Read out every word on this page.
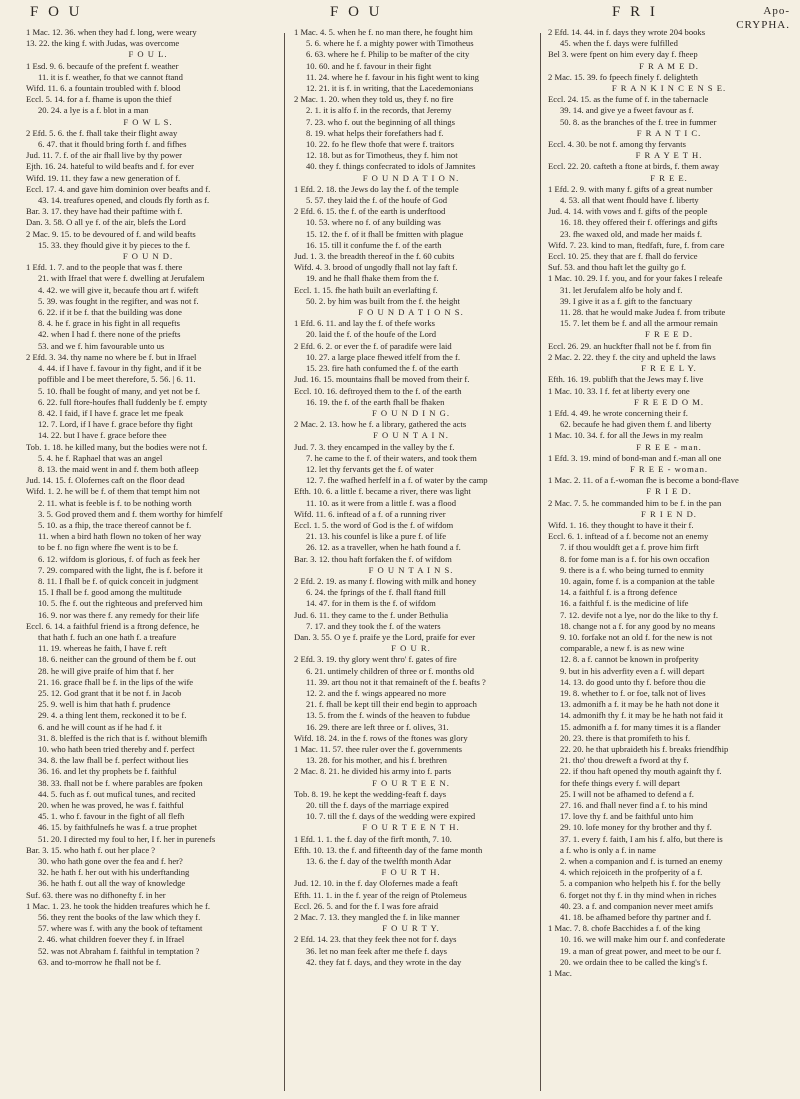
F O U	F O U	F R I	Apo-
CRYPHA.
1 Mac. 12. 36. when they had f. long, were weary
13. 22. the king f. with Judas, was overcome
F O U L.
1 Esd. 9. 6. becaufe of the prefent f. weather
11. it is f. weather, fo that we cannot ftand
Wifd. 11. 6. a fountain troubled with f. blood
Eccl. 5. 14. for a f. fhame is upon the thief
20. 24. a lye is a f. blot in a man
F O W L S.
2 Efd. 5. 6. the f. fhall take their flight away
6. 47. that it fhould bring forth f. and fifhes
Jud. 11. 7. f. of the air fhall live by thy power
Ejth. 16. 24. hateful to wild beafts and f. for ever
Wifd. 19. 11. they faw a new generation of f.
Eccl. 17. 4. and gave him dominion over beafts and f.
43. 14. treafures opened, and clouds fly forth as f.
Bar. 3. 17. they have had their paftime with f.
Dan. 3. 58. O all ye f. of the air, blefs the Lord
2 Mac. 9. 15. to be devoured of f. and wild beafts
15. 33. they fhould give it by pieces to the f.
F O U N D.
1 Efd. 1. 7. and to the people that was f. there
21. with Ifrael that were f. dwelling at Jerufalem
4. 42. we will give it, becaufe thou art f. wifeft
5. 39. was fought in the regifter, and was not f.
6. 22. if it be f. that the building was done
8. 4. he f. grace in his fight in all requefts
42. when I had f. there none of the priefts
53. and we f. him favourable unto us
2 Efd. 3. 34. thy name no where be f. but in Ifrael
4. 44. if I have f. favour in thy fight, and if it be
poffible and I be meet therefore, 5. 56. | 6. 11.
5. 10. fhall be fought of many, and yet not be f.
6. 22. full ftore-houfes fhall fuddenly be f. empty
8. 42. I faid, if I have f. grace let me fpeak
12. 7. Lord, if I have f. grace before thy fight
14. 22. but I have f. grace before thee
Tob. 1. 18. he killed many, but the bodies were not f.
5. 4. he f. Raphael that was an angel
8. 13. the maid went in and f. them both afleep
Jud. 14. 15. f. Olofernes caft on the floor dead
Wifd. 1. 2. he will be f. of them that tempt him not
2. 11. what is feeble is f. to be nothing worth
3. 5. God proved them and f. them worthy for himfelf
5. 10. as a fhip, the trace thereof cannot be f.
11. when a bird hath flown no token of her way
to be f. no fign where fhe went is to be f.
6. 12. wifdom is glorious, f. of fuch as feek her
7. 29. compared with the light, fhe is f. before it
8. 11. I fhall be f. of quick conceit in judgment
15. I fhall be f. good among the multitude
10. 5. fhe f. out the righteous and preferved him
16. 9. nor was there f. any remedy for their life
Eccl. 6. 14. a faithful friend is a ftrong defence, he
that hath f. fuch an one hath f. a treafure
11. 19. whereas he faith, I have f. reft
18. 6. neither can the ground of them be f. out
28. he will give praife of him that f. her
21. 16. grace fhall be f. in the lips of the wife
25. 12. God grant that it be not f. in Jacob
25. 9. well is him that hath f. prudence
29. 4. a thing lent them, reckoned it to be f.
6. and he will count as if he had f. it
31. 8. bleffed is the rich that is f. without blemifh
10. who hath been tried thereby and f. perfect
34. 8. the law fhall be f. perfect without lies
36. 16. and let thy prophets be f. faithful
38. 33. fhall not be f. where parables are fpoken
44. 5. fuch as f. out mufical tunes, and recited
20. when he was proved, he was f. faithful
45. 1. who f. favour in the fight of all flefh
46. 15. by faithfulnefs he was f. a true prophet
51. 20. I directed my foul to her, I f. her in purenefs
Bar. 3. 15. who hath f. out her place ?
30. who hath gone over the fea and f. her?
32. he hath f. her out with his underftanding
36. he hath f. out all the way of knowledge
Suf. 63. there was no difhonefty f. in her
1 Mac. 1. 23. he took the hidden treafures which he f.
56. they rent the books of the law which they f.
57. where was f. with any the book of teftament
2. 46. what children foever they f. in Ifrael
52. was not Abraham f. faithful in temptation ?
63. and to-morrow he fhall not be f.
1 Mac. 4. 5. when he f. no man there, he fought him
5. 6. where he f. a mighty power with Timotheus
6. 63. where he f. Philip to be mafter of the city
10. 60. and he f. favour in their fight
11. 24. where he f. favour in his fight went to king
12. 21. it is f. in writing, that the Lacedemonians
2 Mac. 1. 20. when they told us, they f. no fire
2. 1. it is alfo f. in the records, that Jeremy
7. 23. who f. out the beginning of all things
8. 19. what helps their forefathers had f.
10. 22. fo he flew thofe that were f. traitors
12. 18. but as for Timotheus, they f. him not
40. they f. things confecrated to idols of Jamnites
F O U N D A T I O N.
1 Efd. 2. 18. the Jews do lay the f. of the temple
5. 57. they laid the f. of the houfe of God
2 Efd. 6. 15. the f. of the earth is underftood
10. 53. where no f. of any building was
15. 12. the f. of it fhall be fmitten with plague
16. 15. till it confume the f. of the earth
Jud. 1. 3. the breadth thereof in the f. 60 cubits
Wifd. 4. 3. brood of ungodly fhall not lay faft f.
19. and he fhall fhake them from the f.
Eccl. 1. 15. fhe hath built an everlafting f.
50. 2. by him was built from the f. the height
F O U N D A T I O N S.
1 Efd. 6. 11. and lay the f. of thefe works
20. laid the f. of the houfe of the Lord
2 Efd. 6. 2. or ever the f. of paradife were laid
10. 27. a large place fhewed itfelf from the f.
15. 23. fire hath confumed the f. of the earth
Jud. 16. 15. mountains fhall be moved from their f.
Eccl. 10. 16. deftroyed them to the f. of the earth
16. 19. the f. of the earth fhall be fhaken
F O U N D I N G.
2 Mac. 2. 13. how he f. a library, gathered the acts
F O U N T A I N.
Jud. 7. 3. they encamped in the valley by the f.
7. he came to the f. of their waters, and took them
12. let thy fervants get the f. of water
12. 7. fhe wafhed herfelf in a f. of water by the camp
Efth. 10. 6. a little f. became a river, there was light
11. 10. as it were from a little f. was a flood
Wifd. 11. 6. inftead of a f. of a running river
Eccl. 1. 5. the word of God is the f. of wifdom
21. 13. his counfel is like a pure f. of life
26. 12. as a traveller, when he hath found a f.
Bar. 3. 12. thou haft forfaken the f. of wifdom
F O U N T A I N S.
2 Efd. 2. 19. as many f. flowing with milk and honey
6. 24. the fprings of the f. fhall ftand ftill
14. 47. for in them is the f. of wifdom
Jud. 6. 11. they came to the f. under Bethulia
7. 17. and they took the f. of the waters
Dan. 3. 55. O ye f. praife ye the Lord, praife for ever
F O U R.
2 Efd. 3. 19. thy glory went thro' f. gates of fire
6. 21. untimely children of three or f. months old
11. 39. art thou not it that remaineft of the f. beafts ?
12. 2. and the f. wings appeared no more
21. f. fhall be kept till their end begin to approach
13. 5. from the f. winds of the heaven to fubdue
16. 29. there are left three or f. olives, 31.
Wifd. 18. 24. in the f. rows of the ftones was glory
1 Mac. 11. 57. thee ruler over the f. governments
13. 28. for his mother, and his f. brethren
2 Mac. 8. 21. he divided his army into f. parts
F O U R T E E N.
Tob. 8. 19. he kept the wedding-feaft f. days
20. till the f. days of the marriage expired
10. 7. till the f. days of the wedding were expired
F O U R T E E N T H.
1 Efd. 1. 1. the f. day of the firft month, 7. 10.
Efth. 10. 13. the f. and fifteenth day of the fame month
13. 6. the f. day of the twelfth month Adar
F O U R T H.
Jud. 12. 10. in the f. day Olofernes made a feaft
Efth. 11. 1. in the f. year of the reign of Ptolemeus
Eccl. 26. 5. and for the f. I was fore afraid
2 Mac. 7. 13. they mangled the f. in like manner
F O U R T Y.
2 Efd. 14. 23. that they feek thee not for f. days
36. let no man feek after me thefe f. days
42. they fat f. days, and they wrote in the day
2 Efd. 14. 44. in f. days they wrote 204 books
45. when the f. days were fulfilled
Bel 3. were fpent on him every day f. fheep
F R A M E D.
2 Mac. 15. 39. fo fpeech finely f. delighteth
F R A N K I N C E N S E.
Eccl. 24. 15. as the fume of f. in the tabernacle
39. 14. and give ye a fweet favour as f.
50. 8. as the branches of the f. tree in fummer
F R A N T I C.
Eccl. 4. 30. be not f. among thy fervants
F R A Y E T H.
Eccl. 22. 20. cafteth a ftone at birds, f. them away
F R E E.
1 Efd. 2. 9. with many f. gifts of a great number
4. 53. all that went fhould have f. liberty
Jud. 4. 14. with vows and f. gifts of the people
16. 18. they offered their f. offerings and gifts
23. fhe waxed old, and made her maids f.
Wifd. 7. 23. kind to man, ftedfaft, fure, f. from care
Eccl. 10. 25. they that are f. fhall do fervice
Suf. 53. and thou haft let the guilty go f.
1 Mac. 10. 29. I f. you, and for your fakes I releafe
31. let Jerufalem alfo be holy and f.
39. I give it as a f. gift to the fanctuary
11. 28. that he would make Judea f. from tribute
15. 7. let them be f. and all the armour remain
F R E E D.
Eccl. 26. 29. an huckfter fhall not be f. from fin
2 Mac. 2. 22. they f. the city and upheld the laws
F R E E L Y.
Efth. 16. 19. publifh that the Jews may f. live
1 Mac. 10. 33. I f. fet at liberty every one
F R E E D O M.
1 Efd. 4. 49. he wrote concerning their f.
62. becaufe he had given them f. and liberty
1 Mac. 10. 34. f. for all the Jews in my realm
F R E E - man.
1 Efd. 3. 19. mind of bond-man and f.-man all one
F R E E - woman.
1 Mac. 2. 11. of a f.-woman fhe is become a bond-flave
F R I E D.
2 Mac. 7. 5. he commanded him to be f. in the pan
F R I E N D.
Wifd. 1. 16. they thought to have it their f.
Eccl. 6. 1. inftead of a f. become not an enemy
7. if thou wouldft get a f. prove him firft
8. for fome man is a f. for his own occafion
9. there is a f. who being turned to enmity
10. again, fome f. is a companion at the table
14. a faithful f. is a ftrong defence
16. a faithful f. is the medicine of life
7. 12. devife not a lye, nor do the like to thy f.
18. change not a f. for any good by no means
9. 10. forfake not an old f. for the new is not
comparable, a new f. is as new wine
12. 8. a f. cannot be known in profperity
9. but in his adverfity even a f. will depart
14. 13. do good unto thy f. before thou die
19. 8. whether to f. or foe, talk not of lives
13. admonifh a f. it may be he hath not done it
14. admonifh thy f. it may be he hath not faid it
15. admonifh a f. for many times it is a flander
20. 23. there is that promifeth to his f.
22. 20. he that upbraideth his f. breaks friendfhip
21. tho' thou dreweft a fword at thy f.
22. if thou haft opened thy mouth againft thy f.
for thefe things every f. will depart
25. I will not be afhamed to defend a f.
27. 16. and fhall never find a f. to his mind
17. love thy f. and be faithful unto him
29. 10. lofe money for thy brother and thy f.
37. 1. every f. faith, I am his f. alfo, but there is
a f. who is only a f. in name
2. when a companion and f. is turned an enemy
4. which rejoiceth in the profperity of a f.
5. a companion who helpeth his f. for the belly
6. forget not thy f. in thy mind when in riches
40. 23. a f. and companion never meet amifs
41. 18. be afhamed before thy partner and f.
1 Mac. 7. 8. chofe Bacchides a f. of the king
10. 16. we will make him our f. and confederate
19. a man of great power, and meet to be our f.
20. we ordain thee to be called the king's f.
1 Mac.
